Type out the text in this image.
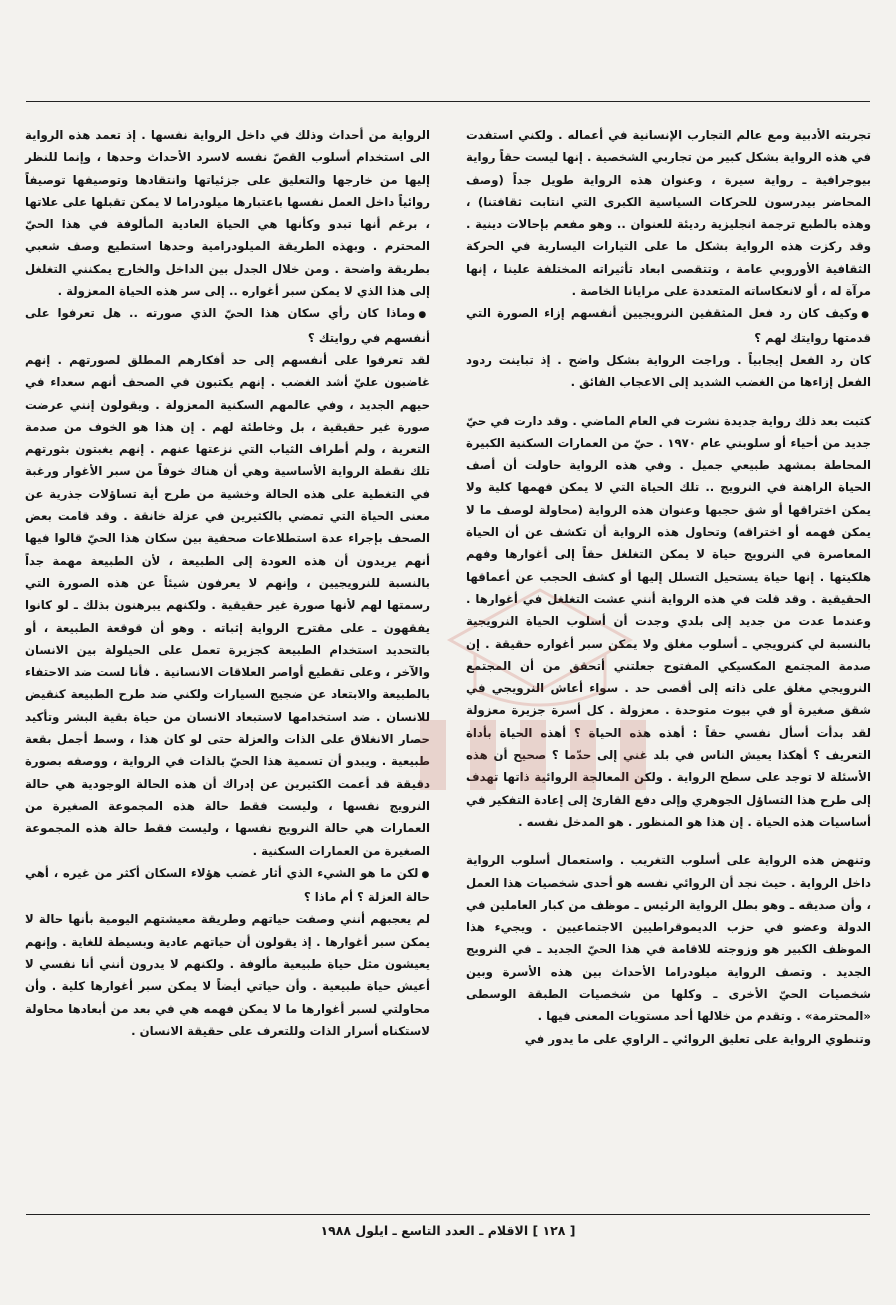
تجربته الأدبية ومع عالم التجارب الإنسانية في أعماله . ولكني استفدت في هذه الرواية بشكل كبير من تجاربي الشخصية . إنها ليست حقاً رواية بيوجرافية ـ رواية سيرة ، وعنوان هذه الرواية طويل جداً (وصف المحاضر بيدرسون للحركات السياسية الكبرى التي انتابت ثقافتنا) ، وهذه بالطبع ترجمة انجليزية رديئة للعنوان .. وهو مفعم بإحالات دينية . وقد ركزت هذه الرواية بشكل ما على التيارات اليسارية في الحركة الثقافية الأوروبي عامة ، وتتقصى ابعاد تأثيراته المختلفة علينا ، إنها مرآة له ، أو لانعكاساته المتعددة على مرايانا الخاصة .

●وكيف كان رد فعل المثقفين النرويجيين أنفسهم إزاء الصورة التي قدمتها روايتك لهم ؟

كان رد الفعل إيجابياً . وراجت الرواية بشكل واضح . إذ تباينت ردود الفعل إزاءها من الغضب الشديد إلى الاعجاب الفائق .

كتبت بعد ذلك رواية جديدة نشرت في العام الماضي . وقد دارت في حيّ جديد من أحياء أو سلوبني عام ١٩٧٠ . حيّ من العمارات السكنية الكبيرة المحاطة بمشهد طبيعي جميل . وفي هذه الرواية حاولت أن أصف الحياة الراهنة في النرويج .. تلك الحياة التي لا يمكن فهمها كلية ولا يمكن اختراقها أو شق حجبها وعنوان هذه الرواية (محاولة لوصف ما لا يمكن فهمه أو اختراقه) وتحاول هذه الرواية أن تكشف عن أن الحياة المعاصرة في النرويج حياة لا يمكن التغلغل حقاً إلى أغوارها وفهم هلكيتها . إنها حياة يستحيل التسلل إليها أو كشف الحجب عن أعماقها الحقيقية . وقد قلت في هذه الرواية أنني عشت التغلغل في أغوارها . وعندما عدت من جديد إلى بلدي وجدت أن أسلوب الحياة النرويجية بالنسبة لي كنرويجي ـ أسلوب مغلق ولا يمكن سبر أغواره حقيقة . إن صدمة المجتمع المكسيكي المفتوح جعلتني أتحقق من أن المجتمع النرويجي مغلق على ذاته إلى أقصى حد . سواء أعاش النرويجي في شقق صغيرة أو في بيوت متوحدة . معزولة . كل أسرة جزيرة معزولة لقد بدأت أسأل نفسي حقاً : أهذه هذه الحياة ؟ أهذه الحياة بأداة التعريف ؟ أهكذا يعيش الناس في بلد غني إلى حدّما ؟ صحيح أن هذه الأسئلة لا توجد على سطح الرواية . ولكن المعالجة الروائية ذاتها تهدف إلى طرح هذا التساؤل الجوهري وإلى دفع القارئ إلى إعادة التفكير في أساسيات هذه الحياة . إن هذا هو المنظور . هو المدخل نفسه .

وتنهض هذه الرواية على أسلوب التغريب . واستعمال أسلوب الرواية داخل الرواية . حيث نجد أن الروائي نفسه هو أحدى شخصيات هذا العمل ، وأن صديقه ـ وهو بطل الرواية الرئيس ـ موظف من كبار العاملين في الدولة وعضو في حزب الديموقراطيين الاجتماعيين . ويجيء هذا الموظف الكبير هو وزوجته للاقامة في هذا الحيّ الجديد ـ في النرويج الجديد . وتصف الرواية ميلودراما الأحداث بين هذه الأسرة وبين شخصيات الحيّ الأخرى ـ وكلها من شخصيات الطبقة الوسطى «المحترمة» . وتقدم من خلالها أحد مستويات المعنى فيها .

وتنطوي الرواية على تعليق الروائي ـ الراوي على ما يدور في

الرواية من أحداث وذلك في داخل الرواية نفسها . إذ تعمد هذه الرواية الى استخدام أسلوب القصّ نفسه لاسرد الأحداث وحدها ، وإنما للنظر إليها من خارجها والتعليق على جزئياتها وانتقادها وتوصيفها توصيفاً روائياً داخل العمل نفسها باعتبارها ميلودراما لا يمكن تقبلها على علاتها ، برغم أنها تبدو وكأنها هي الحياة العادية المألوفة في هذا الحيّ المحترم . وبهذه الطريقة الميلودرامية وحدها استطيع وصف شعبي بطريقة واضحة . ومن خلال الجدل بين الداخل والخارج يمكنني التغلغل إلى هذا الذي لا يمكن سبر أغواره .. إلى سر هذه الحياة المعزولة .

●وماذا كان رأي سكان هذا الحيّ الذي صورته .. هل تعرفوا على أنفسهم في روايتك ؟

لقد تعرفوا على أنفسهم إلى حد أفكارهم المطلق لصورتهم . إنهم غاضبون عليّ أشد الغضب . إنهم يكتبون في الصحف أنهم سعداء في حيهم الجديد ، وفي عالمهم السكنية المعزولة . ويقولون إنني عرضت صورة غير حقيقية ، بل وخاطئة لهم . إن هذا هو الخوف من صدمة التعرية ، ولم أطراف الثياب التي نزعتها عنهم . إنهم يغبتون بثورتهم تلك نقطة الرواية الأساسية وهي أن هناك خوفاً من سبر الأغوار ورغبة في التغطية على هذه الحالة وخشية من طرح أية تساؤلات جذرية عن معنى الحياة التي تمضي بالكثيرين في عزلة خانقة . وقد قامت بعض الصحف بإجراء عدة استطلاعات صحفية بين سكان هذا الحيّ قالوا فيها أنهم يريدون أن هذه العودة إلى الطبيعة ، لأن الطبيعة مهمة جداً بالنسبة للنرويجيين ، وإنهم لا يعرفون شيئاً عن هذه الصورة التي رسمتها لهم لأنها صورة غير حقيقية . ولكنهم يبرهنون بذلك ـ لو كانوا يفقهون ـ على مقترح الرواية إثباته . وهو أن قوقعة الطبيعة ، أو بالتحديد استخدام الطبيعة كجزيرة تعمل على الحيلولة بين الانسان والآخر ، وعلى تقطيع أواصر العلاقات الانسانية . فأنا لست ضد الاحتفاء بالطبيعة والابتعاد عن ضجيج السيارات ولكني ضد طرح الطبيعة كنقيض للانسان . ضد استخدامها لاستبعاد الانسان من حياة بقية البشر وتأكيد حصار الانغلاق على الذات والعزلة حتى لو كان هذا ، وسط أجمل بقعة طبيعية . ويبدو أن تسمية هذا الحيّ بالذات في الرواية ، ووصفه بصورة دقيقة قد أعمت الكثيرين عن إدراك أن هذه الحالة الوجودية هي حالة النرويج نفسها ، وليست فقط حالة هذه المجموعة الصغيرة من العمارات هي حالة النرويج نفسها ، وليست فقط حالة هذه المجموعة الصغيرة من العمارات السكنية .

●لكن ما هو الشيء الذي أثار غضب هؤلاء السكان أكثر من غيره ، أهي حالة العزلة ؟ أم ماذا ؟

لم يعجبهم أنني وصفت حياتهم وطريقة معيشتهم اليومية بأنها حالة لا يمكن سبر أغوارها . إذ يقولون أن حياتهم عادية وبسيطة للغاية . وإنهم يعيشون مثل حياة طبيعية مألوفة . ولكنهم لا يدرون أنني أنا نفسي لا أعيش حياة طبيعية . وأن حياتي أيضاً لا يمكن سبر أغوارها كلية . وأن محاولتي لسبر أغوارها ما لا يمكن فهمه هي في بعد من أبعادها محاولة لاستكناه أسرار الذات وللتعرف على حقيقة الانسان .

[ ١٢٨ ] الاقلام ـ العدد التاسع ـ ايلول ١٩٨٨
